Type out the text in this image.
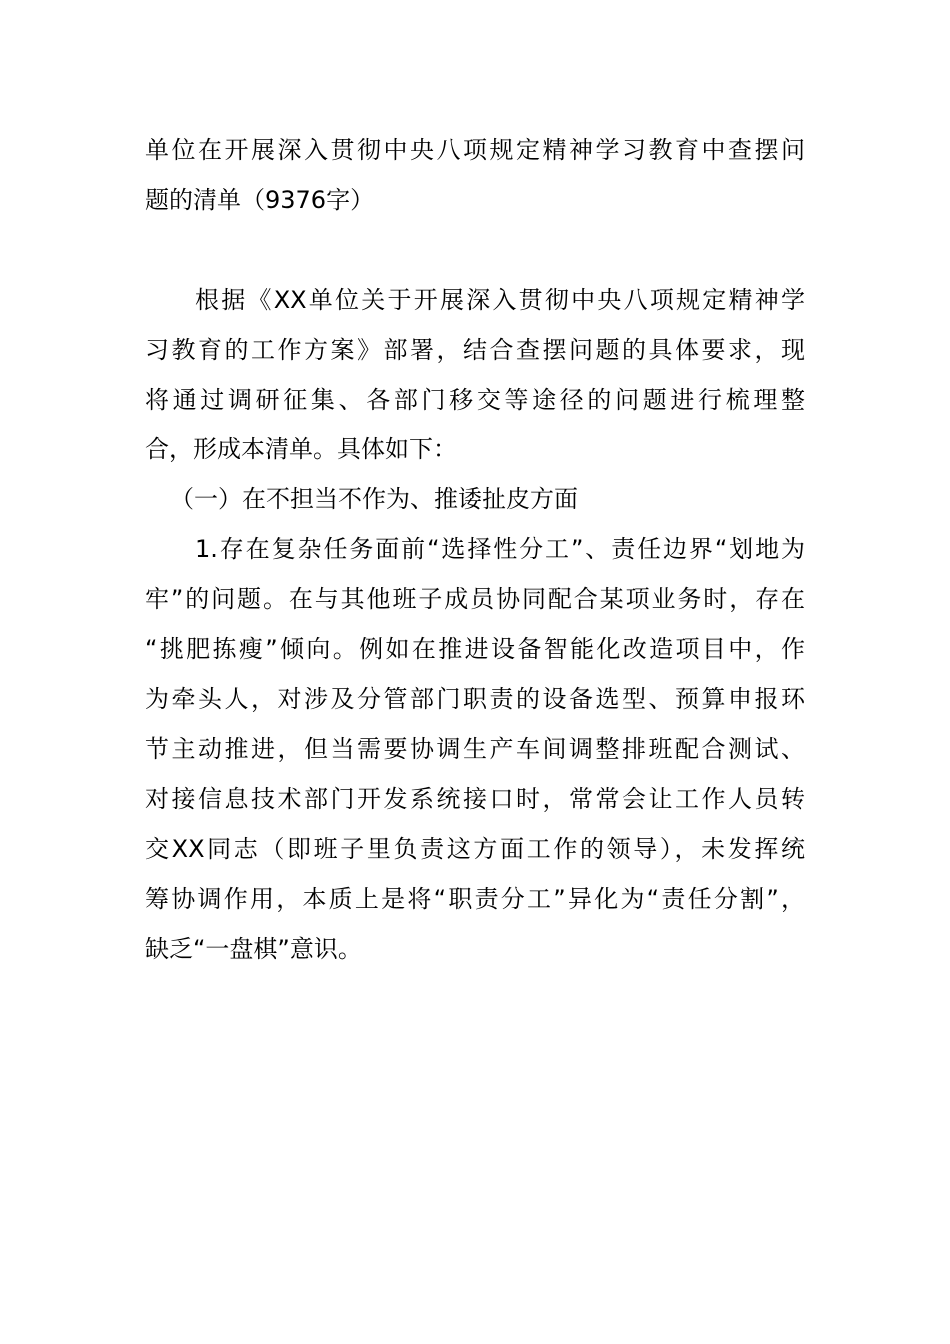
单位在开展深入贯彻中央八项规定精神学习教育中查摆问
题的清单（9376字）
根据《XX单位关于开展深入贯彻中央八项规定精神学
习教育的工作方案》部署，结合查摆问题的具体要求，现
将通过调研征集、各部门移交等途径的问题进行梳理整
合，形成本清单。具体如下：
（一）在不担当不作为、推诿扯皮方面
1.存在复杂任务面前“选择性分工”、责任边界“划地为
牢”的问题。在与其他班子成员协同配合某项业务时，存在
“挑肥拣瘦”倾向。例如在推进设备智能化改造项目中，作
为牵头人，对涉及分管部门职责的设备选型、预算申报环
节主动推进，但当需要协调生产车间调整排班配合测试、
对接信息技术部门开发系统接口时，常常会让工作人员转
交XX同志（即班子里负责这方面工作的领导），未发挥统
筹协调作用，本质上是将“职责分工”异化为“责任分割”，
缺乏“一盘棋”意识。
